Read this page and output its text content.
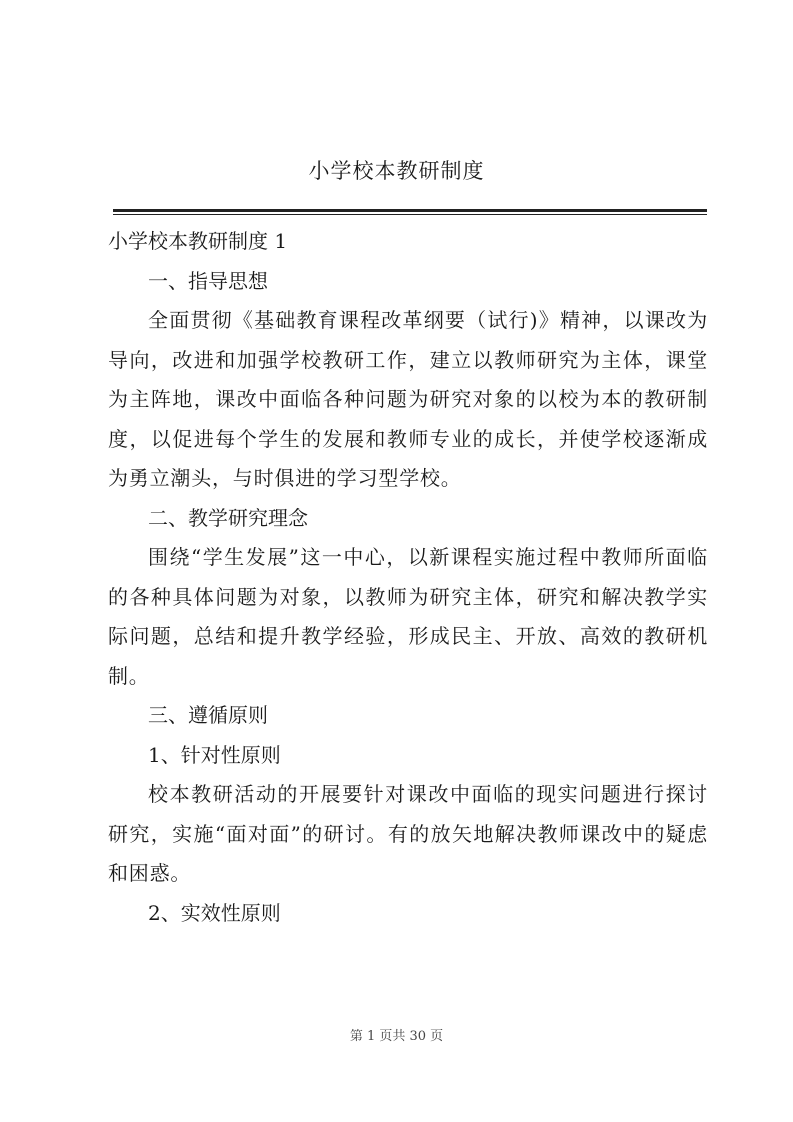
小学校本教研制度

小学校本教研制度 1

一、指导思想

全面贯彻《基础教育课程改革纲要（试行)》精神，以课改为导向，改进和加强学校教研工作，建立以教师研究为主体，课堂为主阵地，课改中面临各种问题为研究对象的以校为本的教研制度，以促进每个学生的发展和教师专业的成长，并使学校逐渐成为勇立潮头，与时俱进的学习型学校。

二、教学研究理念

围绕“学生发展”这一中心，以新课程实施过程中教师所面临的各种具体问题为对象，以教师为研究主体，研究和解决教学实际问题，总结和提升教学经验，形成民主、开放、高效的教研机制。

三、遵循原则

1、针对性原则

校本教研活动的开展要针对课改中面临的现实问题进行探讨研究，实施“面对面”的研讨。有的放矢地解决教师课改中的疑虑和困惑。

2、实效性原则

第 1 页共 30 页
